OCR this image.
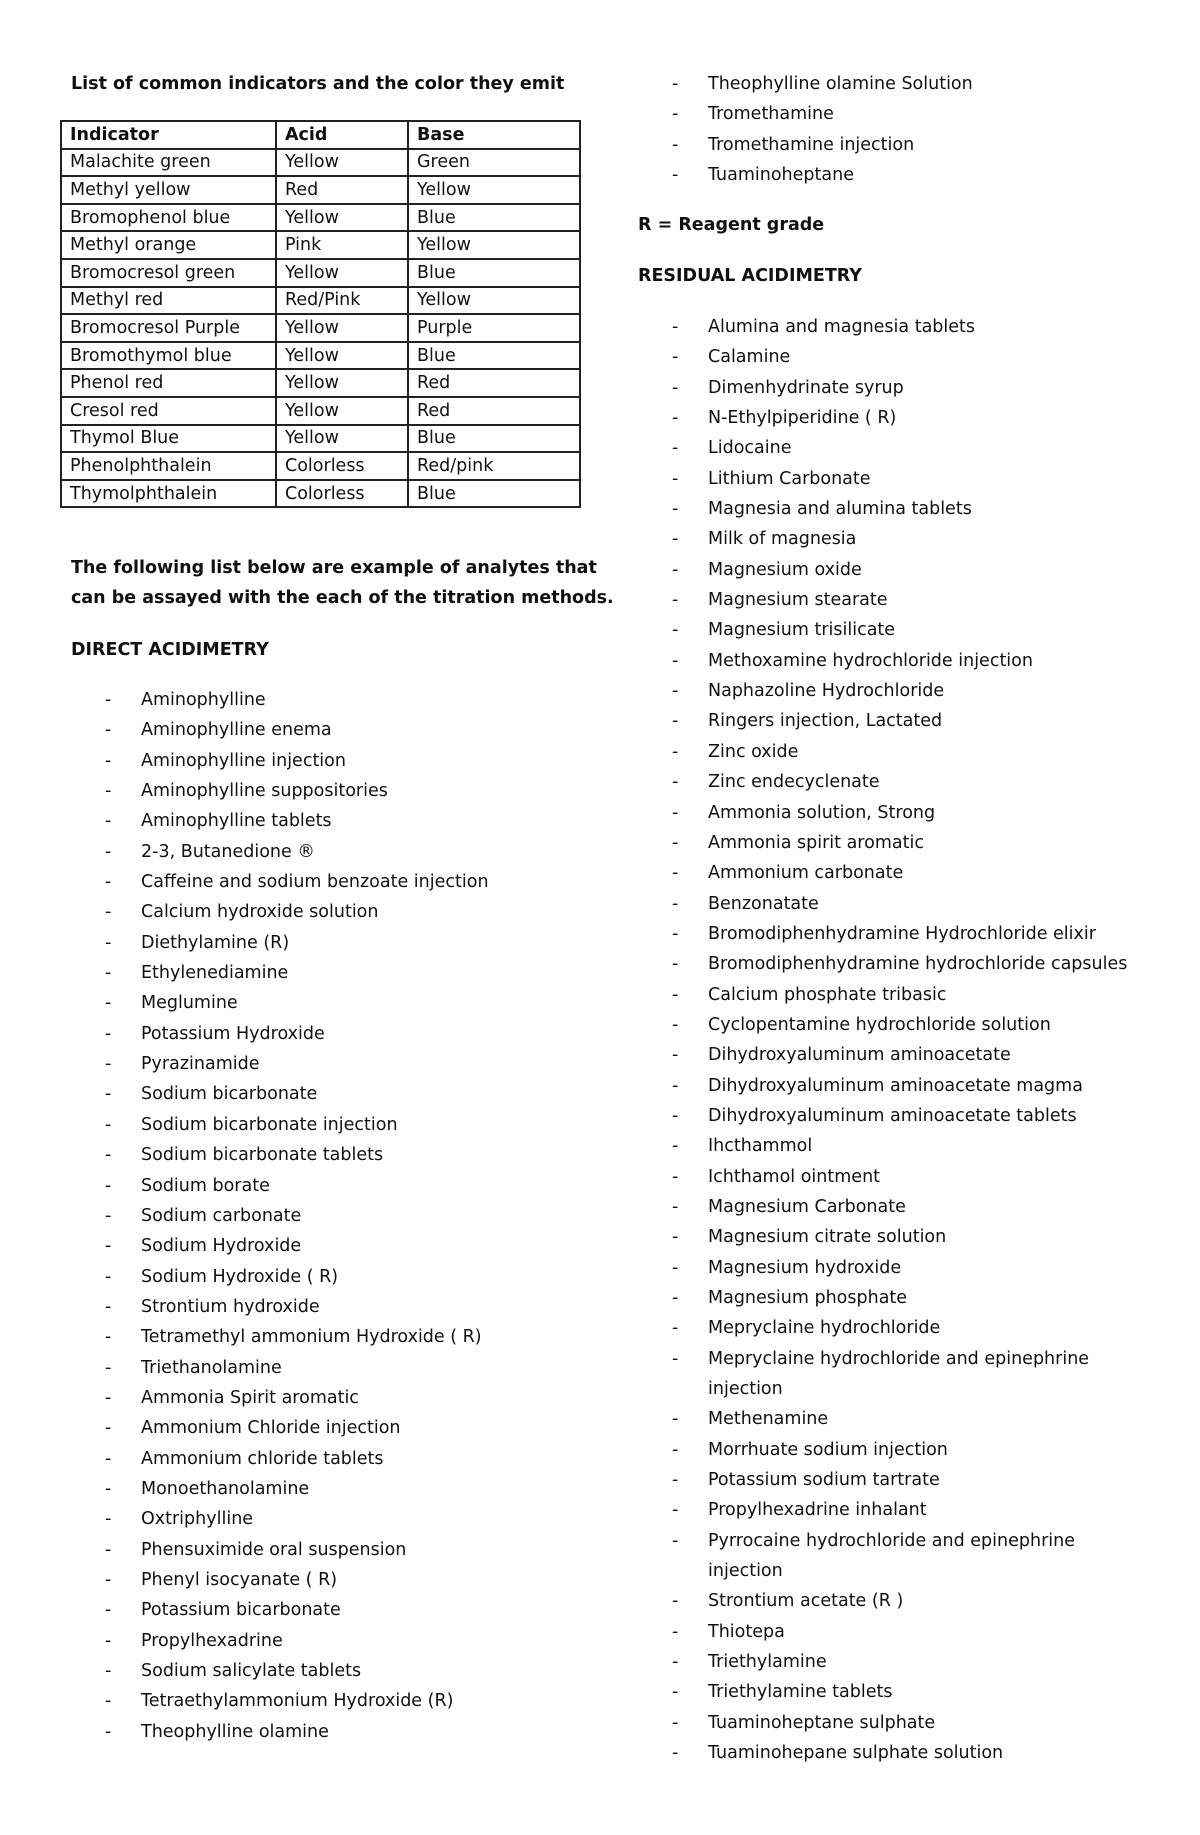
List of common indicators and the color they emit

Indicator	Acid	Base
Malachite green	Yellow	Green
Methyl yellow	Red	Yellow
Bromophenol blue	Yellow	Blue
Methyl orange	Pink	Yellow
Bromocresol green	Yellow	Blue
Methyl red	Red/Pink	Yellow
Bromocresol Purple	Yellow	Purple
Bromothymol blue	Yellow	Blue
Phenol red	Yellow	Red
Cresol red	Yellow	Red
Thymol Blue	Yellow	Blue
Phenolphthalein	Colorless	Red/pink
Thymolphthalein	Colorless	Blue

The following list below are example of analytes that

can be assayed with the each of the titration methods.

DIRECT ACIDIMETRY

- Aminophylline
- Aminophylline enema
- Aminophylline injection
- Aminophylline suppositories
- Aminophylline tablets
- 2-3, Butanedione ®
- Caffeine and sodium benzoate injection
- Calcium hydroxide solution
- Diethylamine (R)
- Ethylenediamine
- Meglumine
- Potassium Hydroxide
- Pyrazinamide
- Sodium bicarbonate
- Sodium bicarbonate injection
- Sodium bicarbonate tablets
- Sodium borate
- Sodium carbonate
- Sodium Hydroxide
- Sodium Hydroxide ( R)
- Strontium hydroxide
- Tetramethyl ammonium Hydroxide ( R)
- Triethanolamine
- Ammonia Spirit aromatic
- Ammonium Chloride injection
- Ammonium chloride tablets
- Monoethanolamine
- Oxtriphylline
- Phensuximide oral suspension
- Phenyl isocyanate ( R)
- Potassium bicarbonate
- Propylhexadrine
- Sodium salicylate tablets
- Tetraethylammonium Hydroxide (R)
- Theophylline olamine
- Theophylline olamine Solution
- Tromethamine
- Tromethamine injection
- Tuaminoheptane

R = Reagent grade

RESIDUAL ACIDIMETRY

- Alumina and magnesia tablets
- Calamine
- Dimenhydrinate syrup
- N-Ethylpiperidine ( R)
- Lidocaine
- Lithium Carbonate
- Magnesia and alumina tablets
- Milk of magnesia
- Magnesium oxide
- Magnesium stearate
- Magnesium trisilicate
- Methoxamine hydrochloride injection
- Naphazoline Hydrochloride
- Ringers injection, Lactated
- Zinc oxide
- Zinc endecyclenate
- Ammonia solution, Strong
- Ammonia spirit aromatic
- Ammonium carbonate
- Benzonatate
- Bromodiphenhydramine Hydrochloride elixir
- Bromodiphenhydramine hydrochloride capsules
- Calcium phosphate tribasic
- Cyclopentamine hydrochloride solution
- Dihydroxyaluminum aminoacetate
- Dihydroxyaluminum aminoacetate magma
- Dihydroxyaluminum aminoacetate tablets
- Ihcthammol
- Ichthamol ointment
- Magnesium Carbonate
- Magnesium citrate solution
- Magnesium hydroxide
- Magnesium phosphate
- Mepryclaine hydrochloride
- Mepryclaine hydrochloride and epinephrine injection
- Methenamine
- Morrhuate sodium injection
- Potassium sodium tartrate
- Propylhexadrine inhalant
- Pyrrocaine hydrochloride and epinephrine injection
- Strontium acetate (R )
- Thiotepa
- Triethylamine
- Triethylamine tablets
- Tuaminoheptane sulphate
- Tuaminohepane sulphate solution
